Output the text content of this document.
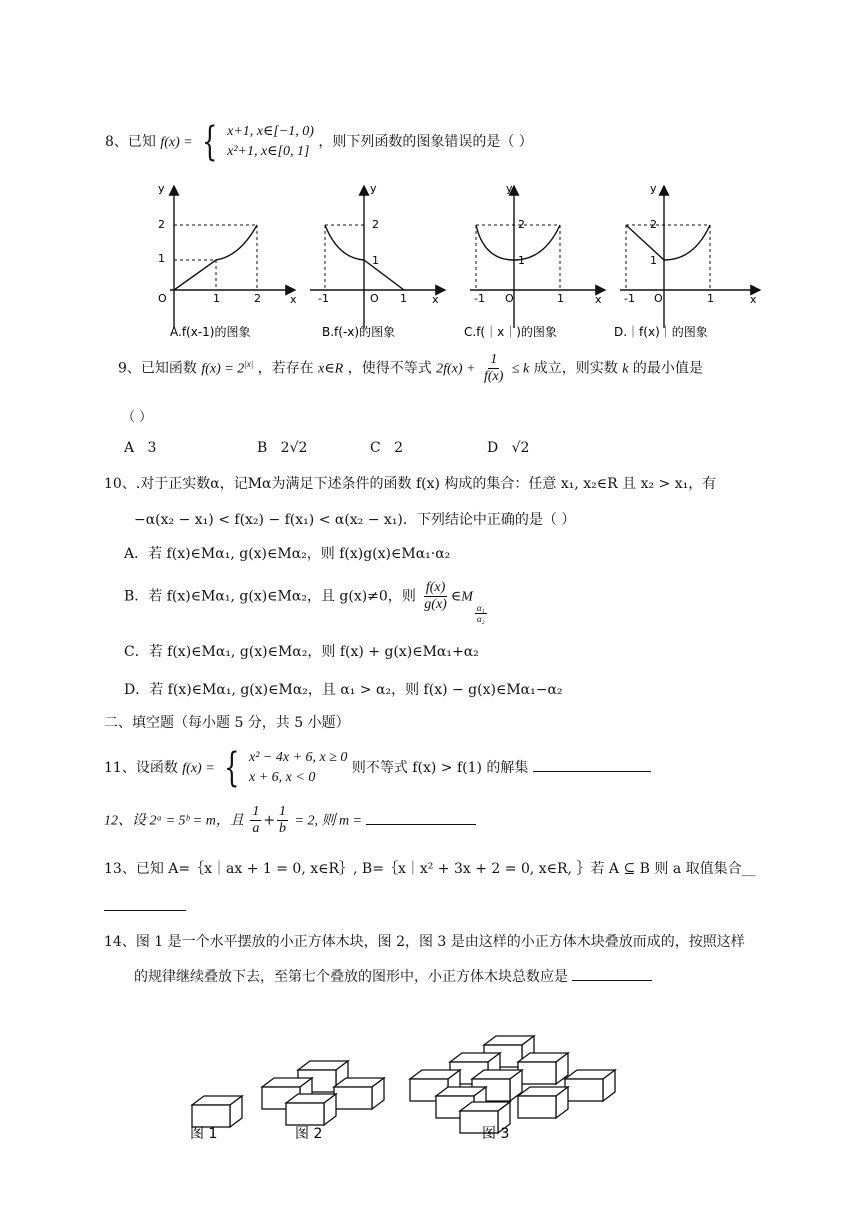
8、已知 f(x) = { x+1, x∈[−1, 0)
x²+1, x∈[0, 1]
，则下列函数的图象错误的是（ ）
y
x
2
1
O	1	2
y
x
2
1
-1	O 1
y
x
2
1
-1 O	1
y
x
2
1
-1 O	1
A.f(x-1)的图象	B.f(-x)的图象	C.f(｜x｜)的图象	D.｜f(x)｜的图象
9、已知函数 $f(x) = 2^{|x|}$ ，若存在 x∈R ，使得不等式 $2f(x) + \frac{1}{f(x)} \le k$ 成立，则实数 k 的最小值是
（ ）
A 3	B 2√2	C 2	D √2
10、.对于正实数α，记Mα为满足下述条件的函数 f(x) 构成的集合：任意 x₁, x₂∈R 且 x₂ > x₁，有
−α(x₂ − x₁) < f(x₂) − f(x₁) < α(x₂ − x₁)．下列结论中正确的是（ ）
A．若 f(x)∈Mα₁, g(x)∈Mα₂，则 f(x)g(x)∈Mα₁·α₂
B．若 f(x)∈Mα₁, g(x)∈Mα₂，且 g(x)≠0，则 $\frac{f(x)}{g(x)}$ ∈M
$\frac{\text{α₁}}{\text{α₂}}$
C．若 f(x)∈Mα₁, g(x)∈Mα₂，则 f(x) + g(x)∈Mα₁+α₂
D．若 f(x)∈Mα₁, g(x)∈Mα₂，且 α₁ > α₂，则 f(x) − g(x)∈Mα₁−α₂
二、填空题（每小题 5 分，共 5 小题）
11、设函数 f(x) = { x² − 4x + 6, x ≥ 0
x + 6, x < 0
则不等式 f(x) > f(1) 的解集
12、设 2ᵃ = 5ᵇ = m，且 $\frac{1}{a} + \frac{1}{b} = 2$, 则 m =
13、已知 A=｛x｜ax + 1 = 0, x∈R｝, B=｛x｜x² + 3x + 2 = 0, x∈R, ｝若 A ⊆ B 则 a 取值集合__
14、图 1 是一个水平摆放的小正方体木块，图 2，图 3 是由这样的小正方体木块叠放而成的，按照这样
的规律继续叠放下去，至第七个叠放的图形中，小正方体木块总数应是
图 1	图 2	图 3
